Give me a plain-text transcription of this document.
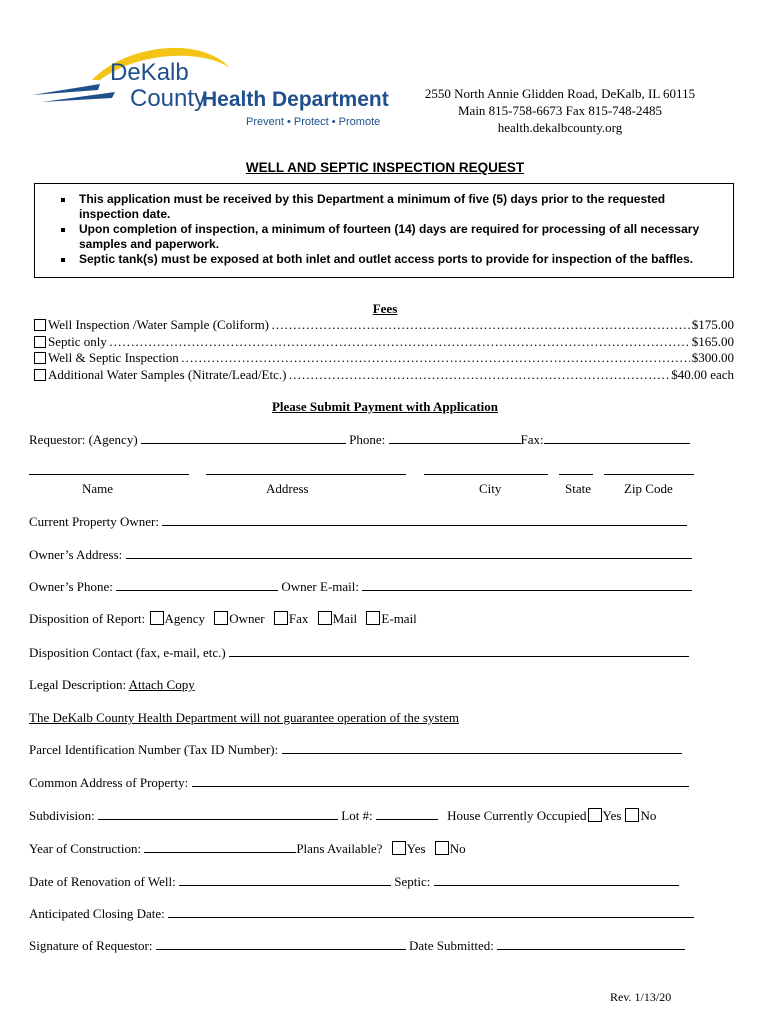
DeKalb
County
Health Department
Prevent • Protect • Promote
2550 North Annie Glidden Road, DeKalb, IL 60115
Main 815-758-6673 Fax 815-748-2485
health.dekalbcounty.org
WELL AND SEPTIC INSPECTION REQUEST
▪ This application must be received by this Department a minimum of five (5) days prior to the requested inspection date.
▪ Upon completion of inspection, a minimum of fourteen (14) days are required for processing of all necessary samples and paperwork.
▪ Septic tank(s) must be exposed at both inlet and outlet access ports to provide for inspection of the baffles.
Fees
Well Inspection /Water Sample (Coliform) ………………………………………………………………………………………………………………………………………………………………	$175.00
Septic only ………………………………………………………………………………………………………………………………………………………………	$165.00
Well & Septic Inspection ………………………………………………………………………………………………………………………………………………………………	$300.00
Additional Water Samples (Nitrate/Lead/Etc.) ………………………………………………………………………………………………………………………………………………………………	$40.00 each
Please Submit Payment with Application
Requestor: (Agency)	Phone:	Fax:
Name	Address	City	State	Zip Code
Current Property Owner:
Owner’s Address:
Owner’s Phone:	Owner E-mail:
Disposition of Report: Agency Owner Fax Mail E-mail
Disposition Contact (fax, e-mail, etc.)
Legal Description: Attach Copy
The DeKalb County Health Department will not guarantee operation of the system
Parcel Identification Number (Tax ID Number):
Common Address of Property:
Subdivision:	Lot #:	House Currently Occupied Yes No
Year of Construction:	Plans Available? Yes No
Date of Renovation of Well:	Septic:
Anticipated Closing Date:
Signature of Requestor:	Date Submitted:
Rev. 1/13/20
